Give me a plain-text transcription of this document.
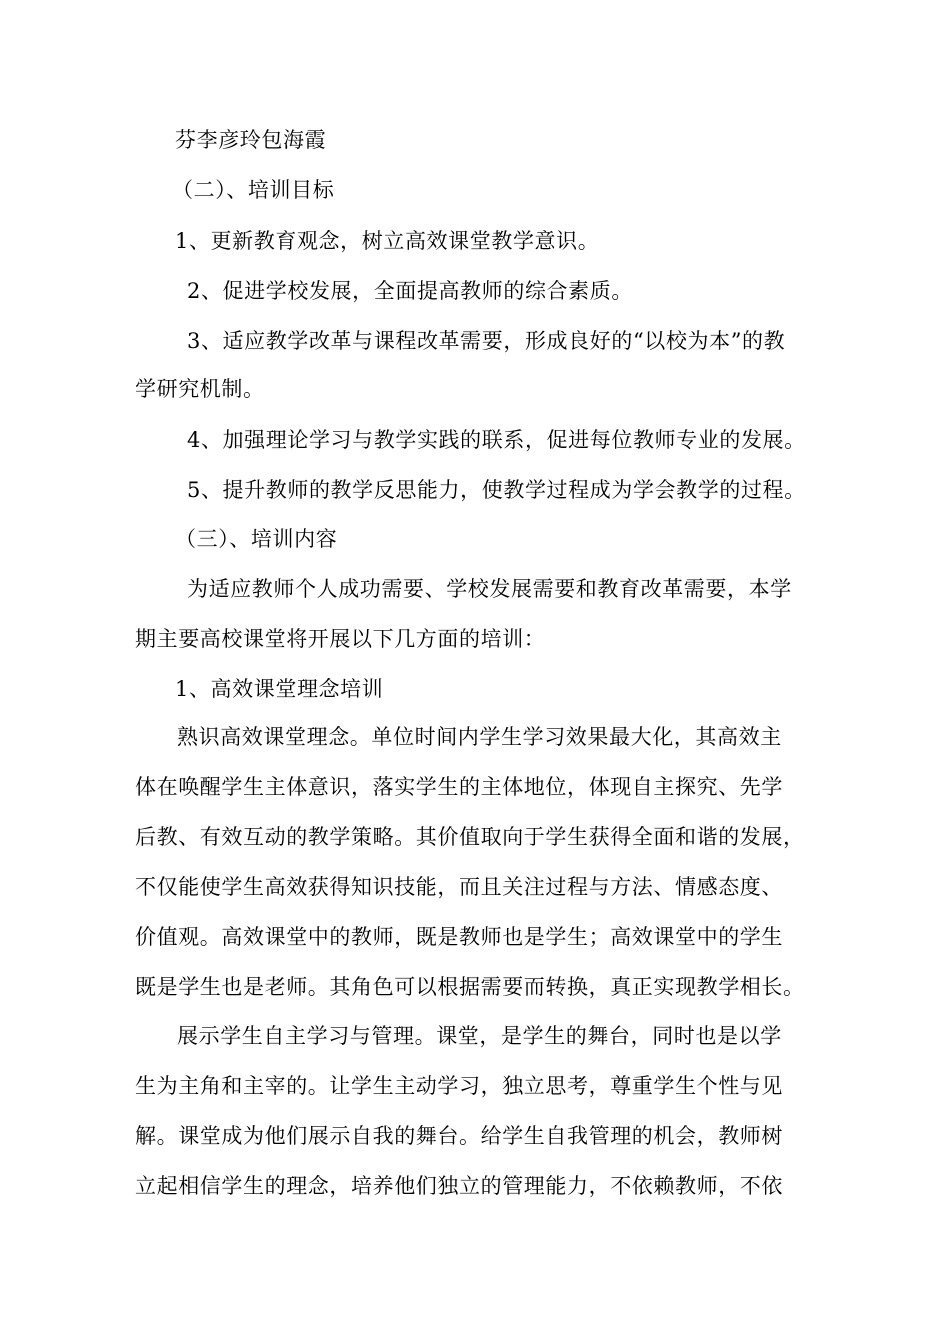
芬李彦玲包海霞
（二）、培训目标
1、更新教育观念，树立高效课堂教学意识。
2、促进学校发展，全面提高教师的综合素质。
3、适应教学改革与课程改革需要，形成良好的“以校为本”的教
学研究机制。
4、加强理论学习与教学实践的联系，促进每位教师专业的发展。
5、提升教师的教学反思能力，使教学过程成为学会教学的过程。
（三）、培训内容
为适应教师个人成功需要、学校发展需要和教育改革需要，本学
期主要高校课堂将开展以下几方面的培训：
1、高效课堂理念培训
熟识高效课堂理念。单位时间内学生学习效果最大化，其高效主
体在唤醒学生主体意识，落实学生的主体地位，体现自主探究、先学
后教、有效互动的教学策略。其价值取向于学生获得全面和谐的发展，
不仅能使学生高效获得知识技能，而且关注过程与方法、情感态度、
价值观。高效课堂中的教师，既是教师也是学生；高效课堂中的学生
既是学生也是老师。其角色可以根据需要而转换，真正实现教学相长。
展示学生自主学习与管理。课堂，是学生的舞台，同时也是以学
生为主角和主宰的。让学生主动学习，独立思考，尊重学生个性与见
解。课堂成为他们展示自我的舞台。给学生自我管理的机会，教师树
立起相信学生的理念，培养他们独立的管理能力，不依赖教师，不依
